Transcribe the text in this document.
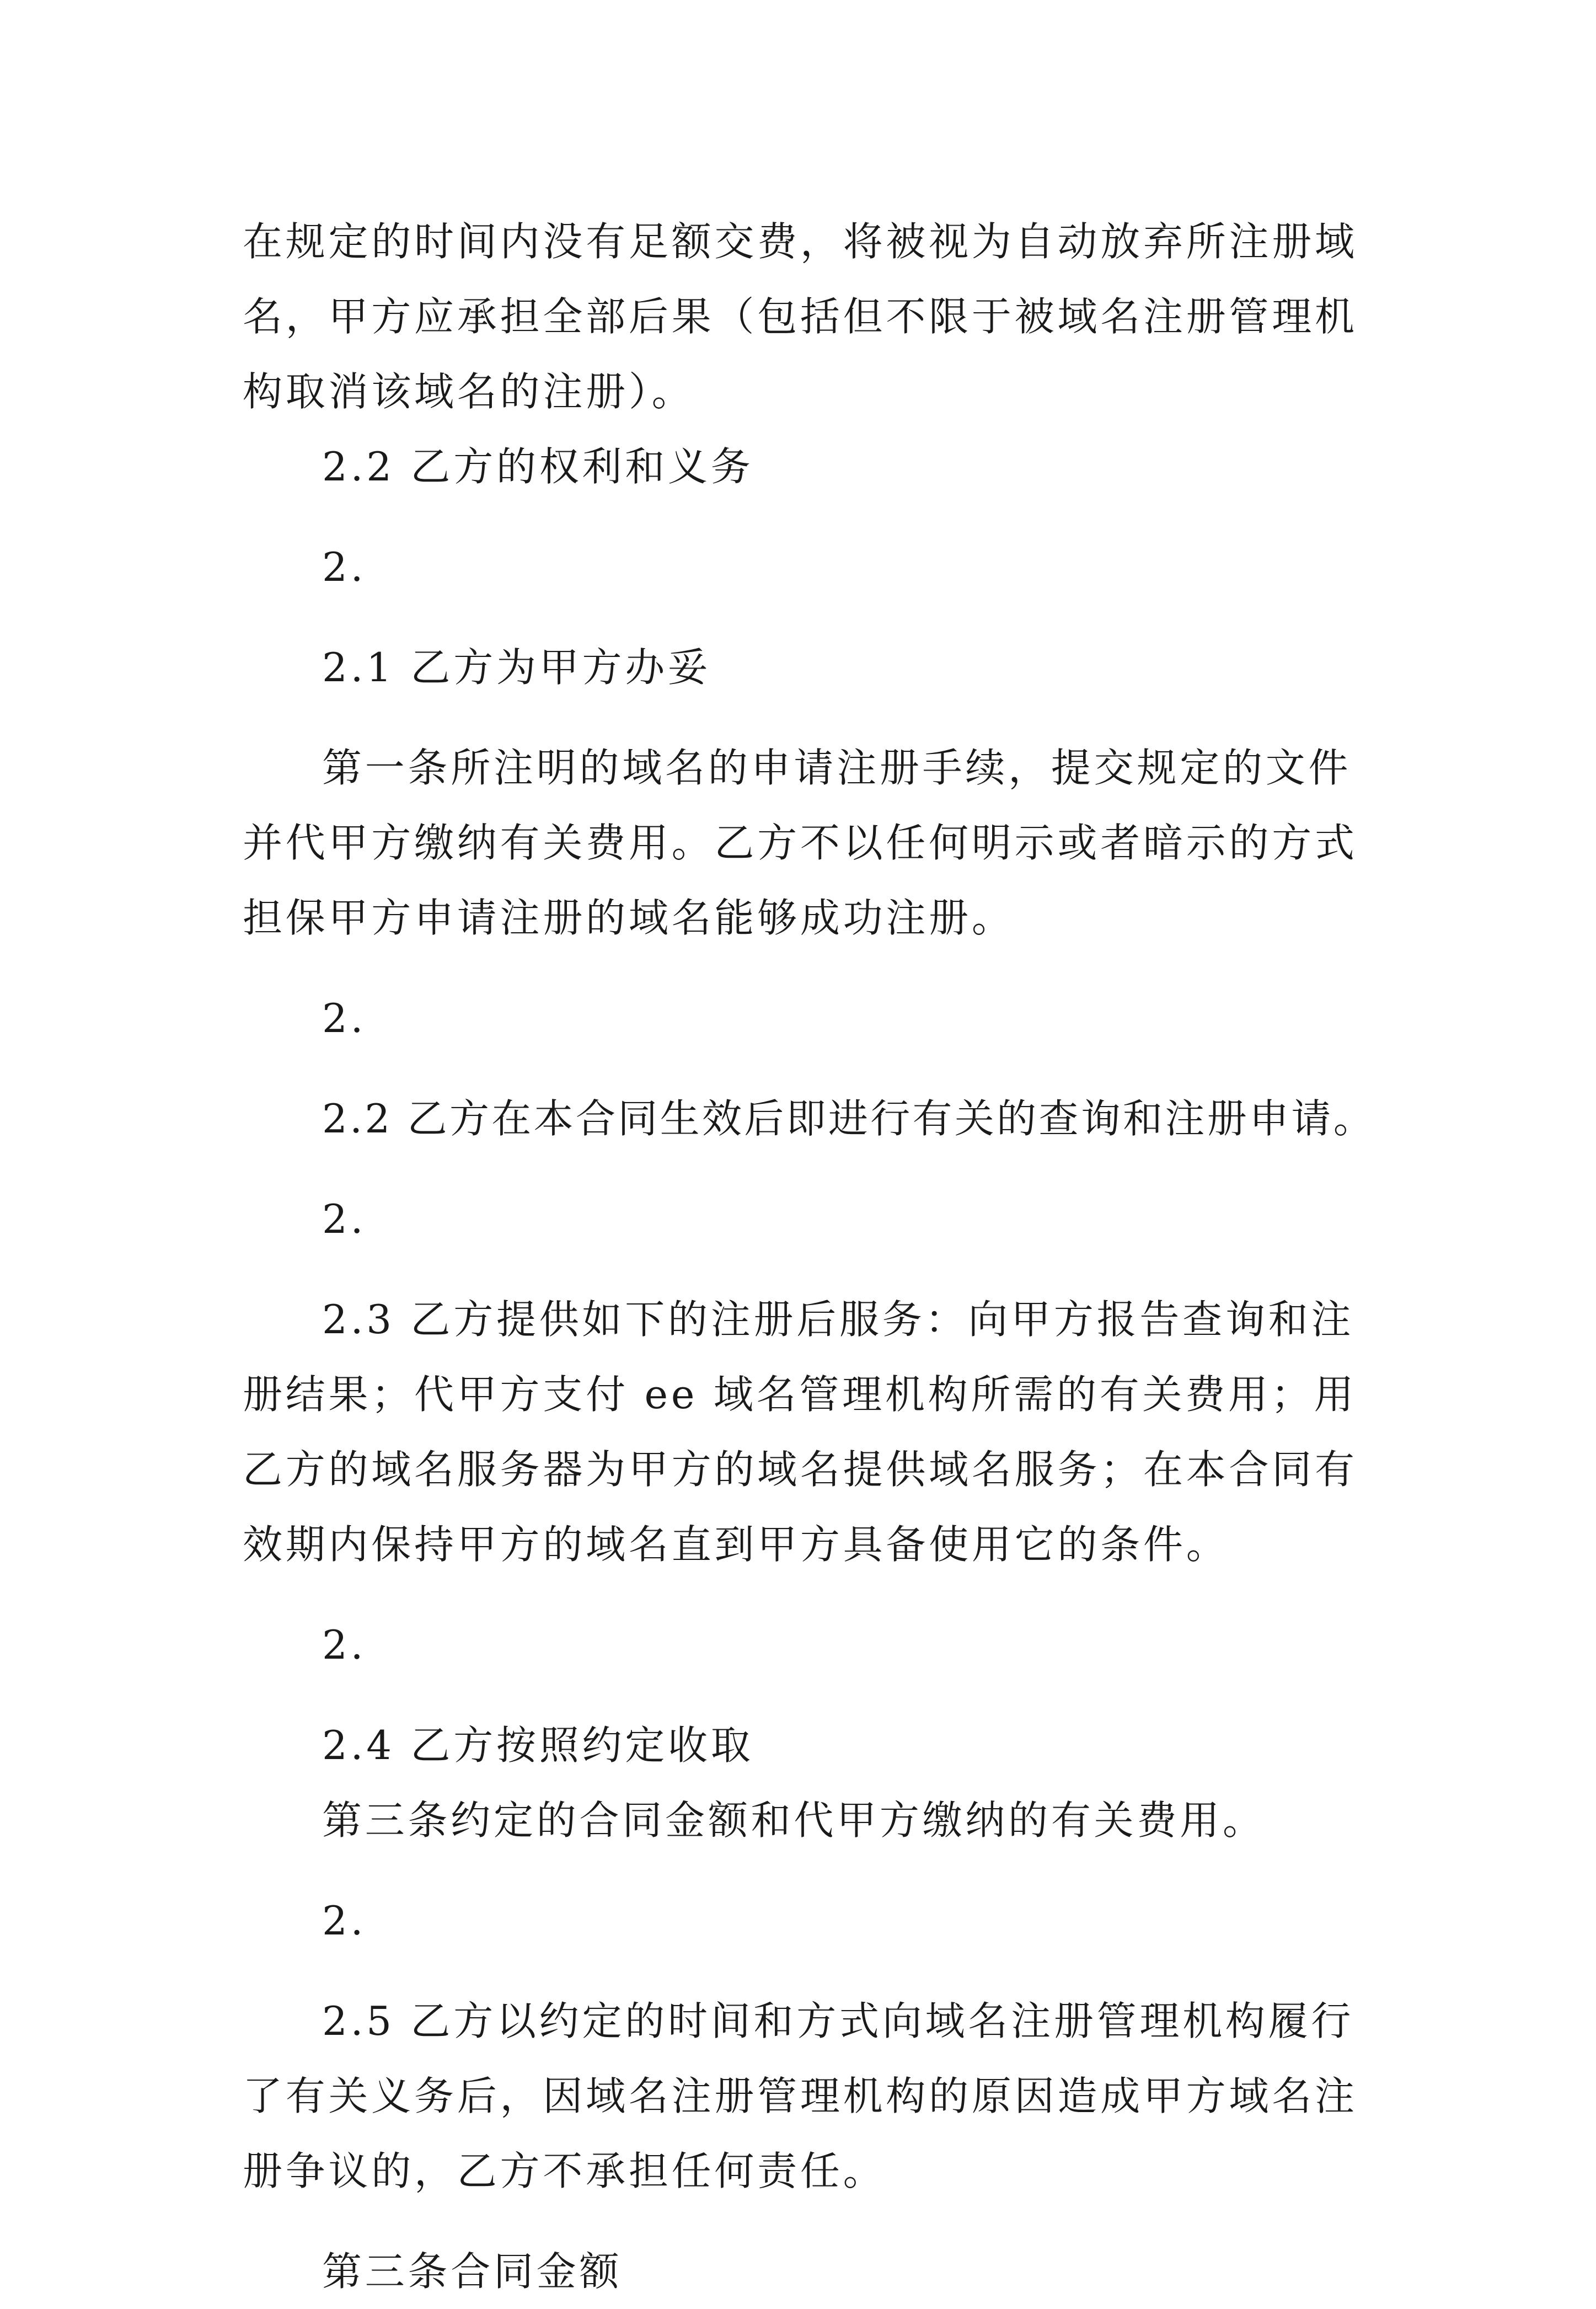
在规定的时间内没有足额交费，将被视为自动放弃所注册域名，甲方应承担全部后果（包括但不限于被域名注册管理机构取消该域名的注册）。

2.2 乙方的权利和义务

2.

2.1 乙方为甲方办妥

第一条所注明的域名的申请注册手续，提交规定的文件并代甲方缴纳有关费用。乙方不以任何明示或者暗示的方式担保甲方申请注册的域名能够成功注册。

2.

2.2 乙方在本合同生效后即进行有关的查询和注册申请。

2.

2.3 乙方提供如下的注册后服务：向甲方报告查询和注册结果；代甲方支付 ee 域名管理机构所需的有关费用；用乙方的域名服务器为甲方的域名提供域名服务；在本合同有效期内保持甲方的域名直到甲方具备使用它的条件。

2.

2.4 乙方按照约定收取

第三条约定的合同金额和代甲方缴纳的有关费用。

2.

2.5 乙方以约定的时间和方式向域名注册管理机构履行了有关义务后，因域名注册管理机构的原因造成甲方域名注册争议的，乙方不承担任何责任。

第三条合同金额
